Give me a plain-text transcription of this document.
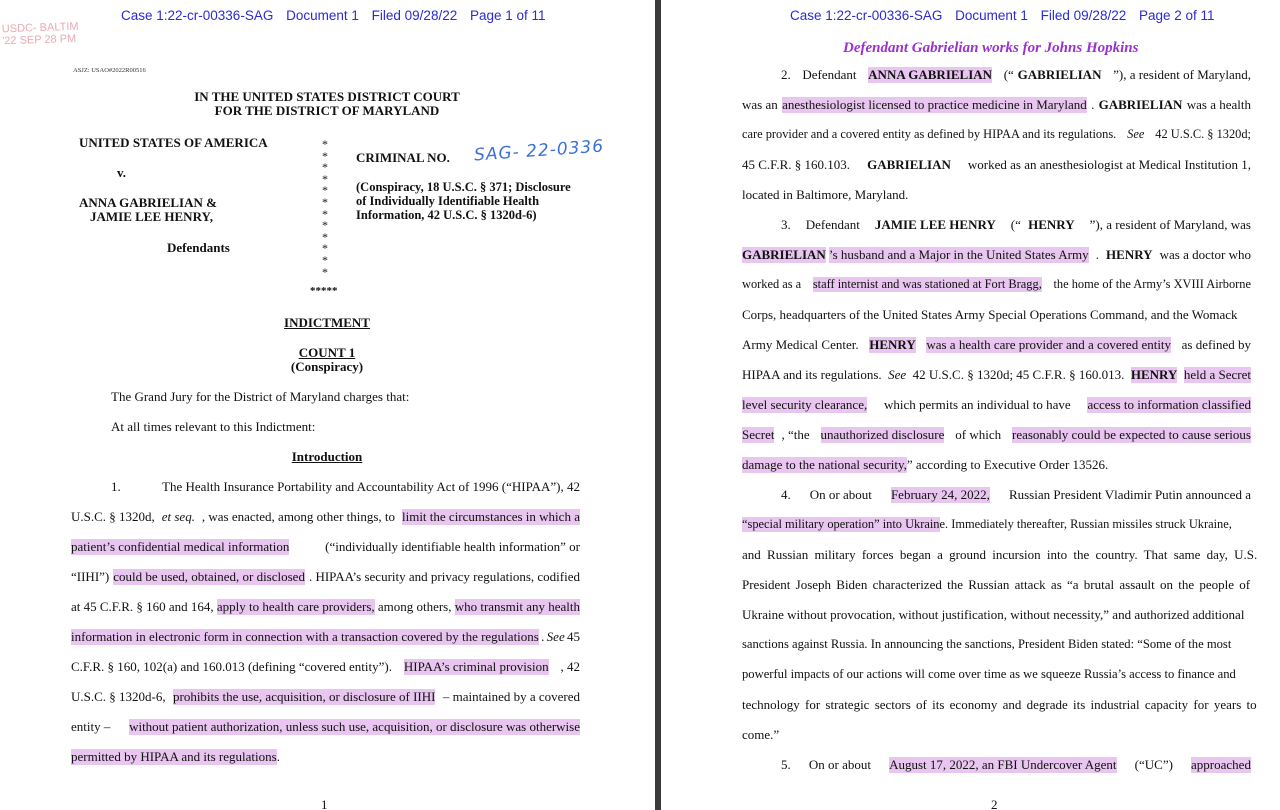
Case 1:22-cr-00336-SAG Document 1 Filed 09/28/22 Page 1 of 11
USDC- BALTIM
'22 SEP 28 PM
ASJZ: USAO#2022R00516
IN THE UNITED STATES DISTRICT COURT
FOR THE DISTRICT OF MARYLAND
UNITED STATES OF AMERICA
v.
ANNA GABRIELIAN &
JAMIE LEE HENRY,
Defendants
*
*
*
*
*
*
*
*
*
*
*
*
*****
CRIMINAL NO. SAG- 22-0336
(Conspiracy, 18 U.S.C. § 371; Disclosure
of Individually Identifiable Health
Information, 42 U.S.C. § 1320d-6)
INDICTMENT
COUNT 1
(Conspiracy)
The Grand Jury for the District of Maryland charges that:
At all times relevant to this Indictment:
Introduction
1.	The Health Insurance Portability and Accountability Act of 1996 (“HIPAA”), 42
U.S.C. § 1320d, et seq. , was enacted, among other things, to limit the circumstances in which a
patient’s confidential medical information	(“individually identifiable health information” or
“IIHI”) could be used, obtained, or disclosed . HIPAA’s security and privacy regulations, codified
at 45 C.F.R. § 160 and 164, apply to health care providers, among others, who transmit any health
information in electronic form in connection with a transaction covered by the regulations . See 45
C.F.R. § 160, 102(a) and 160.013 (defining “covered entity”). HIPAA’s criminal provision , 42
U.S.C. § 1320d-6, prohibits the use, acquisition, or disclosure of IIHI – maintained by a covered
entity – without patient authorization, unless such use, acquisition, or disclosure was otherwise
permitted by HIPAA and its regulations .
1
Case 1:22-cr-00336-SAG Document 1 Filed 09/28/22 Page 2 of 11
Defendant Gabrielian works for Johns Hopkins
2. Defendant ANNA GABRIELIAN (“ GABRIELIAN ”), a resident of Maryland,
was an anesthesiologist licensed to practice medicine in Maryland . GABRIELIAN was a health
care provider and a covered entity as defined by HIPAA and its regulations. See 42 U.S.C. § 1320d;
45 C.F.R. § 160.103. GABRIELIAN worked as an anesthesiologist at Medical Institution 1,
located in Baltimore, Maryland.
3. Defendant JAMIE LEE HENRY (“ HENRY ”), a resident of Maryland, was
GABRIELIAN ’s husband and a Major in the United States Army . HENRY was a doctor who
worked as a staff internist and was stationed at Fort Bragg, the home of the Army’s XVIII Airborne
Corps, headquarters of the United States Army Special Operations Command, and the Womack
Army Medical Center. HENRY was a health care provider and a covered entity as defined by
HIPAA and its regulations. See 42 U.S.C. § 1320d; 45 C.F.R. § 160.013. HENRY held a Secret
level security clearance, which permits an individual to have access to information classified
Secret , “the unauthorized disclosure of which reasonably could be expected to cause serious
damage to the national security, ” according to Executive Order 13526.
4. On or about February 24, 2022, Russian President Vladimir Putin announced a
“special military operation” into Ukrain e. Immediately thereafter, Russian missiles struck Ukraine,
and Russian military forces began a ground incursion into the country. That same day, U.S.
President Joseph Biden characterized the Russian attack as “a brutal assault on the people of
Ukraine without provocation, without justification, without necessity,” and authorized additional
sanctions against Russia. In announcing the sanctions, President Biden stated: “Some of the most
powerful impacts of our actions will come over time as we squeeze Russia’s access to finance and
technology for strategic sectors of its economy and degrade its industrial capacity for years to
come.”
5. On or about August 17, 2022, an FBI Undercover Agent (“UC”) approached
2
